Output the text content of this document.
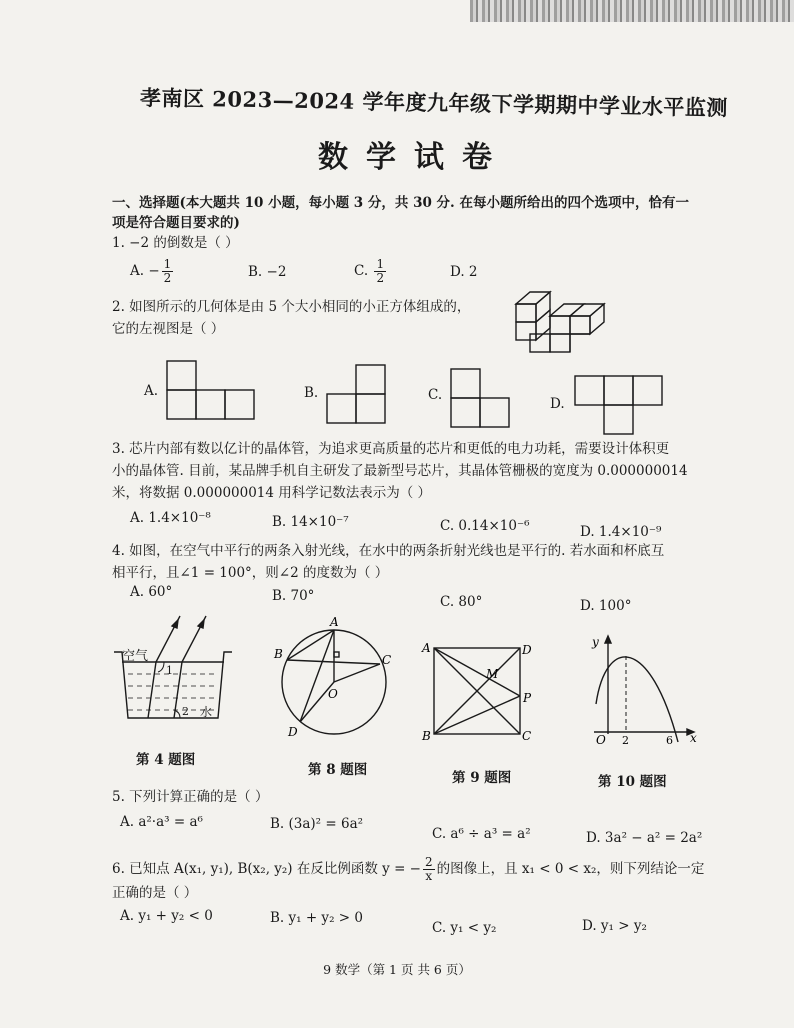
孝南区 2023—2024 学年度九年级下学期期中学业水平监测
数学试卷
一、选择题(本大题共 10 小题，每小题 3 分，共 30 分. 在每小题所给出的四个选项中，恰有一
项是符合题目要求的)
1. −2 的倒数是（ ）
A. − $\frac{1}{2}$	B. −2	C. $\frac{1}{2}$	D. 2
2. 如图所示的几何体是由 5 个大小相同的小正方体组成的，
它的左视图是（ ）
A.	B.	C.
D.
3. 芯片内部有数以亿计的晶体管，为追求更高质量的芯片和更低的电力功耗，需要设计体积更
小的晶体管. 目前，某品牌手机自主研发了最新型号芯片，其晶体管栅极的宽度为 0.000000014
米，将数据 0.000000014 用科学记数法表示为（ ）
A. 1.4×10⁻⁸	B. 14×10⁻⁷	C. 0.14×10⁻⁶	D. 1.4×10⁻⁹
4. 如图，在空气中平行的两条入射光线，在水中的两条折射光线也是平行的. 若水面和杯底互
相平行，且∠1 = 100°，则∠2 的度数为（ ）
A. 60°	B. 70°	C. 80°	D. 100°
空气
1
2 水
A
B	C
D
O
A
B	C
D
M
P
y
x
O 2	6
第 4 题图
第 8 题图	第 9 题图	第 10 题图
5. 下列计算正确的是（ ）
A. a²·a³ = a⁶	B. (3a)² = 6a²
C. a⁶ ÷ a³ = a²	D. 3a² − a² = 2a²
6. 已知点 A(x₁, y₁), B(x₂, y₂) 在反比例函数 y = − $\frac{2}{x}$ 的图像上，且 x₁ < 0 < x₂，则下列结论一定
正确的是（ ）
A. y₁ + y₂ < 0	B. y₁ + y₂ > 0
C. y₁ < y₂	D. y₁ > y₂
9 数学（第 1 页 共 6 页）
